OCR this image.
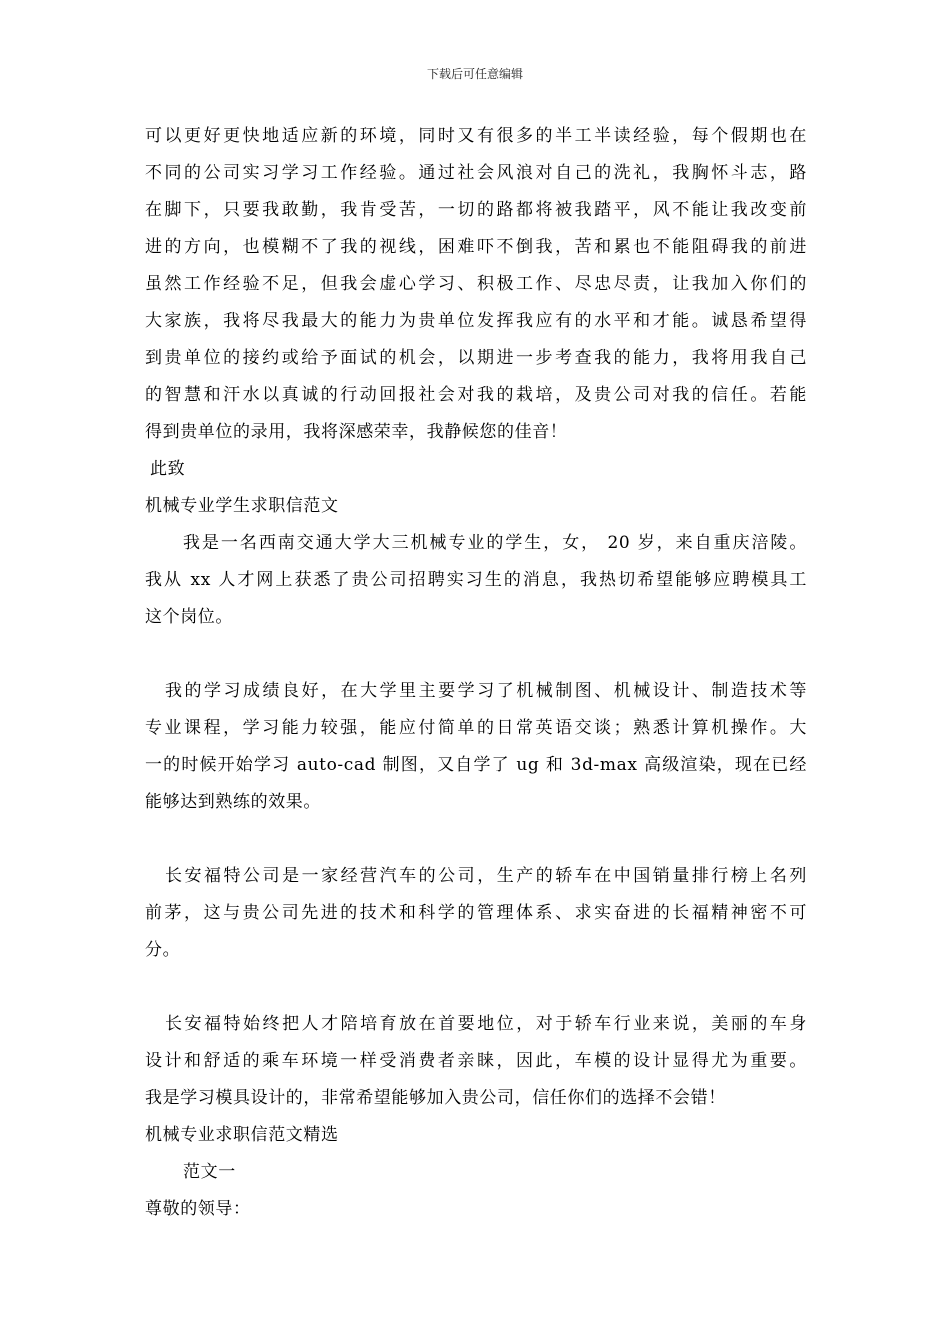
下载后可任意编辑

可以更好更快地适应新的环境，同时又有很多的半工半读经验，每个假期也在

不同的公司实习学习工作经验。通过社会风浪对自己的洗礼，我胸怀斗志，路

在脚下，只要我敢勤，我肯受苦，一切的路都将被我踏平，风不能让我改变前

进的方向，也模糊不了我的视线，困难吓不倒我，苦和累也不能阻碍我的前进

虽然工作经验不足，但我会虚心学习、积极工作、尽忠尽责，让我加入你们的

大家族，我将尽我最大的能力为贵单位发挥我应有的水平和才能。诚恳希望得

到贵单位的接约或给予面试的机会，以期进一步考查我的能力，我将用我自己

的智慧和汗水以真诚的行动回报社会对我的栽培，及贵公司对我的信任。若能

得到贵单位的录用，我将深感荣幸，我静候您的佳音！

此致

机械专业学生求职信范文

我是一名西南交通大学大三机械专业的学生，女， 20 岁，来自重庆涪陵。

我从 xx 人才网上获悉了贵公司招聘实习生的消息，我热切希望能够应聘模具工

这个岗位。

我的学习成绩良好，在大学里主要学习了机械制图、机械设计、制造技术等

专业课程，学习能力较强，能应付简单的日常英语交谈；熟悉计算机操作。大

一的时候开始学习 auto-cad 制图，又自学了 ug 和 3d-max 高级渲染，现在已经

能够达到熟练的效果。

长安福特公司是一家经营汽车的公司，生产的轿车在中国销量排行榜上名列

前茅，这与贵公司先进的技术和科学的管理体系、求实奋进的长福精神密不可

分。

长安福特始终把人才陪培育放在首要地位，对于轿车行业来说，美丽的车身

设计和舒适的乘车环境一样受消费者亲睐，因此，车模的设计显得尤为重要。

我是学习模具设计的，非常希望能够加入贵公司，信任你们的选择不会错！

机械专业求职信范文精选

范文一

尊敬的领导：
